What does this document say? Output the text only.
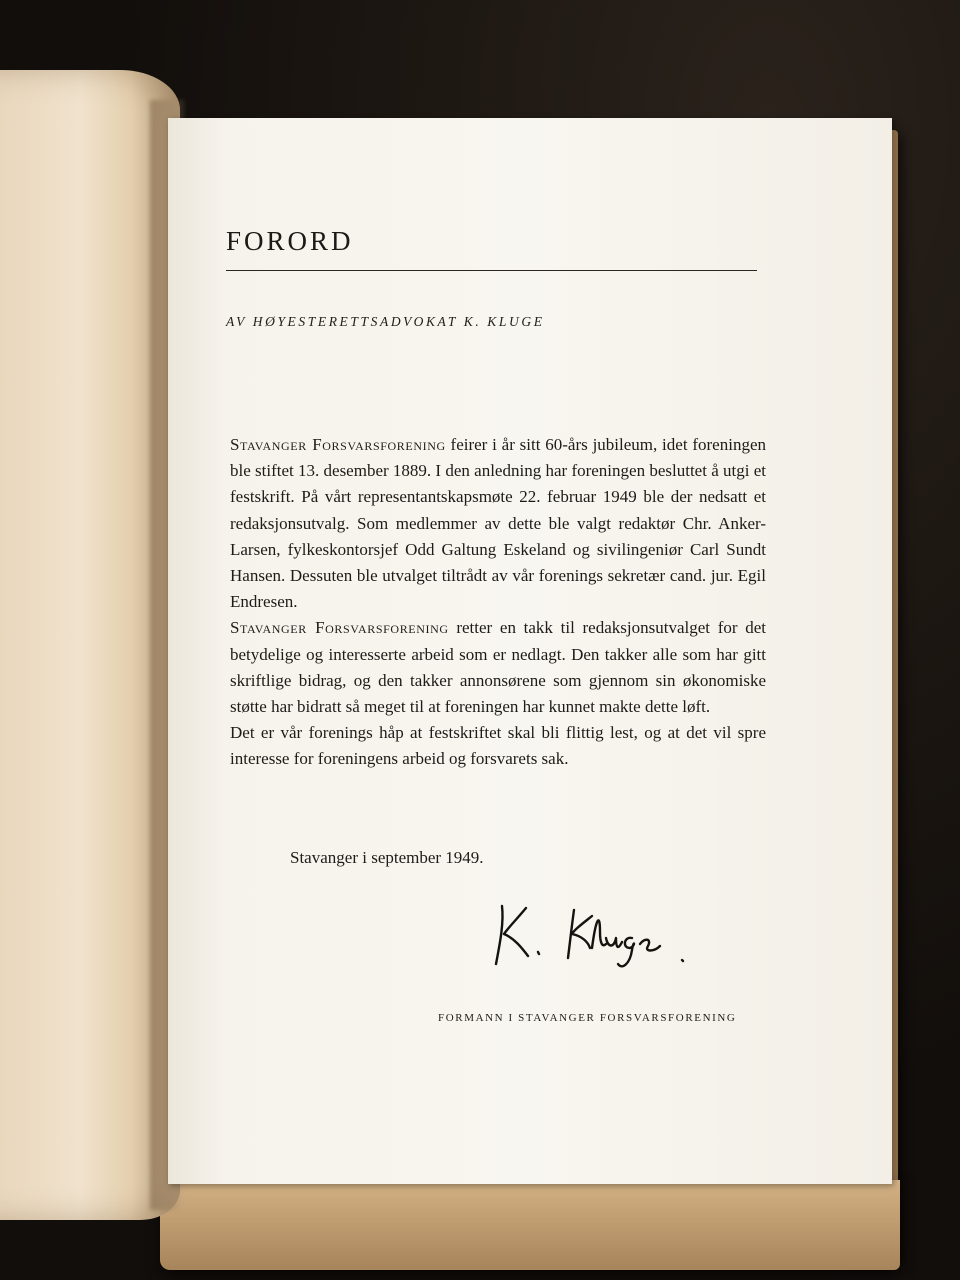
FORORD
AV HØYESTERETTSADVOKAT K. KLUGE

Stavanger Forsvarsforening feirer i år sitt 60-års jubileum, idet foreningen ble stiftet 13. desember 1889. I den anledning har foreningen besluttet å utgi et festskrift. På vårt representantskapsmøte 22. februar 1949 ble der nedsatt et redaksjonsutvalg. Som medlemmer av dette ble valgt redaktør Chr. Anker-Larsen, fylkeskontorsjef Odd Galtung Eskeland og sivilingeniør Carl Sundt Hansen. Dessuten ble utvalget tiltrådt av vår forenings sekretær cand. jur. Egil Endresen.

Stavanger Forsvarsforening retter en takk til redaksjonsutvalget for det betydelige og interesserte arbeid som er nedlagt. Den takker alle som har gitt skriftlige bidrag, og den takker annonsørene som gjennom sin økonomiske støtte har bidratt så meget til at foreningen har kunnet makte dette løft.

Det er vår forenings håp at festskriftet skal bli flittig lest, og at det vil spre interesse for foreningens arbeid og forsvarets sak.

Stavanger i september 1949.
FORMANN I STAVANGER FORSVARSFORENING
